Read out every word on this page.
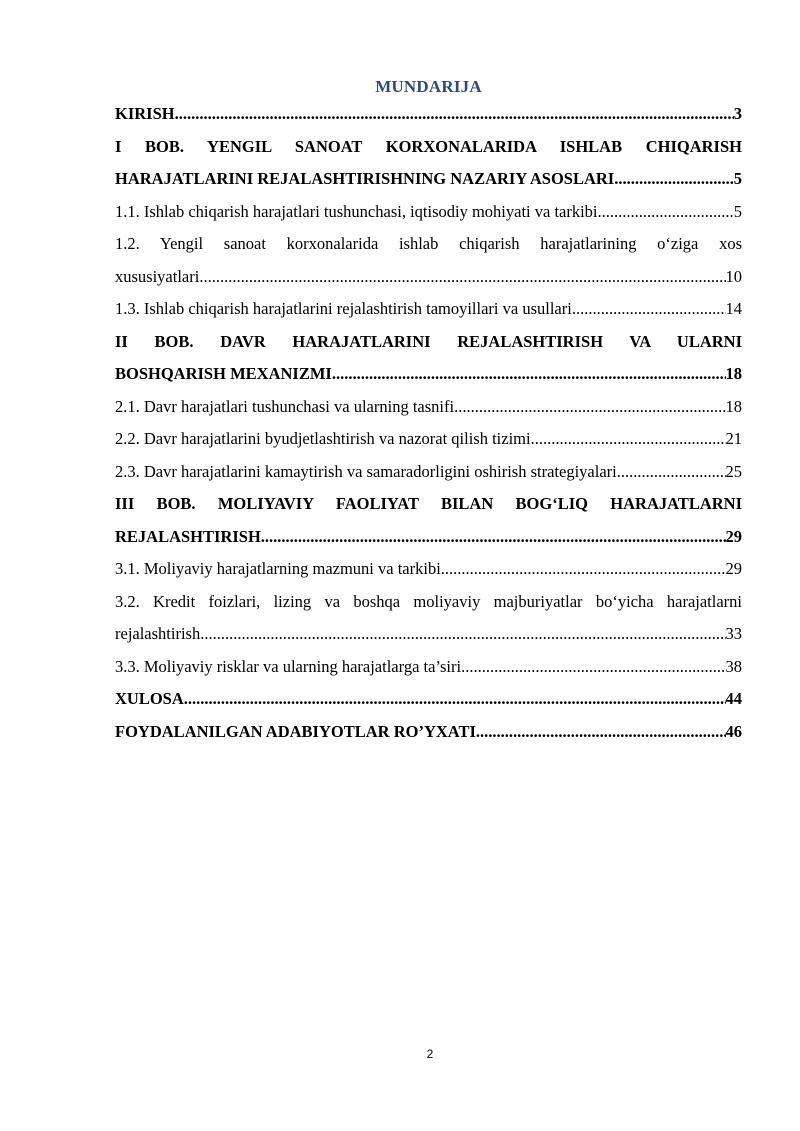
MUNDARIJA
KIRISH .....	3
I BOB. YENGIL SANOAT KORXONALARIDA ISHLAB CHIQARISH
HARAJATLARINI REJALASHTIRISHNING NAZARIY ASOSLARI .....	5
1.1. Ishlab chiqarish harajatlari tushunchasi, iqtisodiy mohiyati va tarkibi .....	5
1.2. Yengil sanoat korxonalarida ishlab chiqarish harajatlarining o‘ziga xos
xususiyatlari .....	10
1.3. Ishlab chiqarish harajatlarini rejalashtirish tamoyillari va usullari .....	14
II BOB. DAVR HARAJATLARINI REJALASHTIRISH VA ULARNI
BOSHQARISH MEXANIZMI .....	18
2.1. Davr harajatlari tushunchasi va ularning tasnifi .....	18
2.2. Davr harajatlarini byudjetlashtirish va nazorat qilish tizimi .....	21
2.3. Davr harajatlarini kamaytirish va samaradorligini oshirish strategiyalari .....	25
III BOB. MOLIYAVIY FAOLIYAT BILAN BOG‘LIQ HARAJATLARNI
REJALASHTIRISH .....	29
3.1. Moliyaviy harajatlarning mazmuni va tarkibi .....	29
3.2. Kredit foizlari, lizing va boshqa moliyaviy majburiyatlar bo‘yicha harajatlarni
rejalashtirish .....	33
3.3. Moliyaviy risklar va ularning harajatlarga ta’siri .....	38
XULOSA .....	44
FOYDALANILGAN ADABIYOTLAR RO’YXATI .....	46
2
